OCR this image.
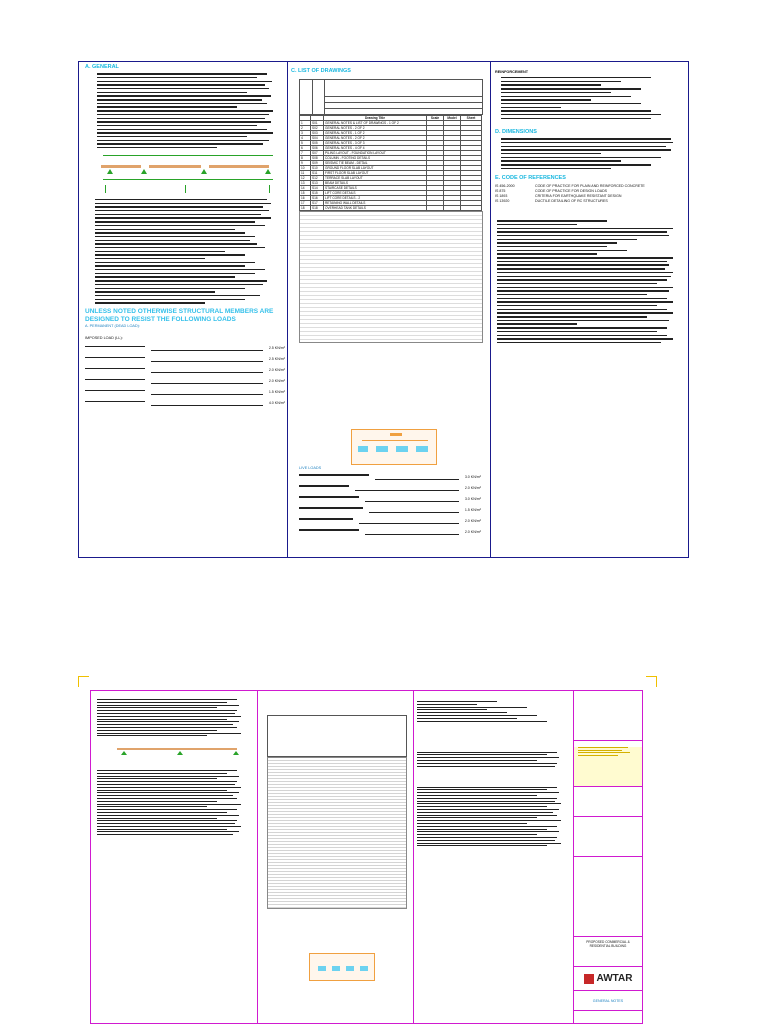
A. GENERAL
UNLESS NOTED OTHERWISE STRUCTURAL MEMBERS ARE DESIGNED TO RESIST THE FOLLOWING LOADS
A. PERMANENT (DEAD LOAD):
IMPOSED LOAD (LL):
2.5 KN/m²
2.5 KN/m²
2.0 KN/m²
2.0 KN/m²
1.5 KN/m²
4.0 KN/m²
C. LIST OF DRAWINGS
		Drawing Title	Scale	Model	Sheet
1	S01	GENERAL NOTES & LIST OF DRAWINGS - 1 OF 2			
2	S02	GENERAL NOTES - 2 OF 2			
3	S03	GENERAL NOTES - 1 OF 2			
4	S04	GENERAL NOTES - 2 OF 2			
5	S05	GENERAL NOTES - 3 OF 3			
6	S06	GENERAL NOTES - 4 OF 4			
7	S07	PILING LAYOUT - FOUNDATION LAYOUT			
8	S08	COLUMN - FOOTING DETAILS			
9	S09	SEISMIC TIE BEAM - DETAIL			
10	S10	GROUND FLOOR SLAB LAYOUT			
11	S11	FIRST FLOOR SLAB LAYOUT			
12	S12	TERRACE SLAB LAYOUT			
13	S13	BEAM DETAILS			
14	S14	STAIRCASE DETAILS			
15	S15	LIFT CORE DETAILS			
16	S16	LIFT CORE DETAILS - 2			
17	S17	RETAINING WALL DETAILS			
18	S18	OVERHEAD TANK DETAILS			
LIVE LOADS
3.0 KN/m²
2.0 KN/m²
3.0 KN/m²
1.5 KN/m²
2.0 KN/m²
2.0 KN/m²
REINFORCEMENT
D. DIMENSIONS
E. CODE OF REFERENCES
IS 456-2000	CODE OF PRACTICE FOR PLAIN AND REINFORCED CONCRETE
IS 875	CODE OF PRACTICE FOR DESIGN LOADS
IS 1893	CRITERIA FOR EARTHQUAKE RESISTANT DESIGN
IS 13920	DUCTILE DETAILING OF RC STRUCTURES
PROPOSED COMMERCIAL &
RESIDENTIAL BUILDING
AWTAR
GENERAL NOTES
